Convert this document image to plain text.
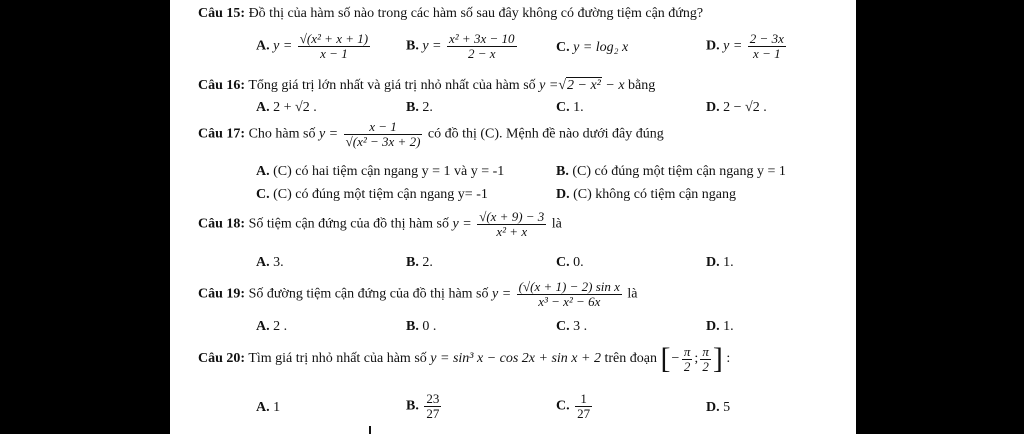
Câu 15: Đồ thị của hàm số nào trong các hàm số sau đây không có đường tiệm cận đứng?
A. $y = \frac{\text{√(x² + x + 1)}}{x - 1}$	B. $y = \frac{\text{x² + 3x − 10}}{2 - x}$	C. y = log₂ x	D. $y = \frac{2 - 3x}{x - 1}$
Câu 16: Tổng giá trị lớn nhất và giá trị nhỏ nhất của hàm số y =√2 − x² − x bằng
A. 2 + √2 .	B. 2.	C. 1.	D. 2 − √2 .
Câu 17: Cho hàm số $y = \frac{x - 1}{\text{√(x² − 3x + 2)}}$ có đồ thị (C). Mệnh đề nào dưới đây đúng
A. (C) có hai tiệm cận ngang y = 1 và y = -1	B. (C) có đúng một tiệm cận ngang y = 1
C. (C) có đúng một tiệm cận ngang y= -1	D. (C) không có tiệm cận ngang
Câu 18: Số tiệm cận đứng của đồ thị hàm số $y = \frac{√(x + 9) - 3}{\text{x² + x}}$ là
A. 3.	B. 2.	C. 0.	D. 1.
Câu 19: Số đường tiệm cận đứng của đồ thị hàm số $y = \frac{\text{(√(x + 1) − 2) sin x}}{\text{x³ − x² − 6x}}$ là
A. 2 .	B. 0 .	C. 3 .	D. 1.
Câu 20: Tìm giá trị nhỏ nhất của hàm số y = sin³ x − cos 2x + sin x + 2 trên đoạn [− $\frac{\pi}{2}$ ; $\frac{\pi}{2}$ ] :
A. 1	B. $\frac{23}{27}$	C. $\frac{1}{27}$	D. 5
